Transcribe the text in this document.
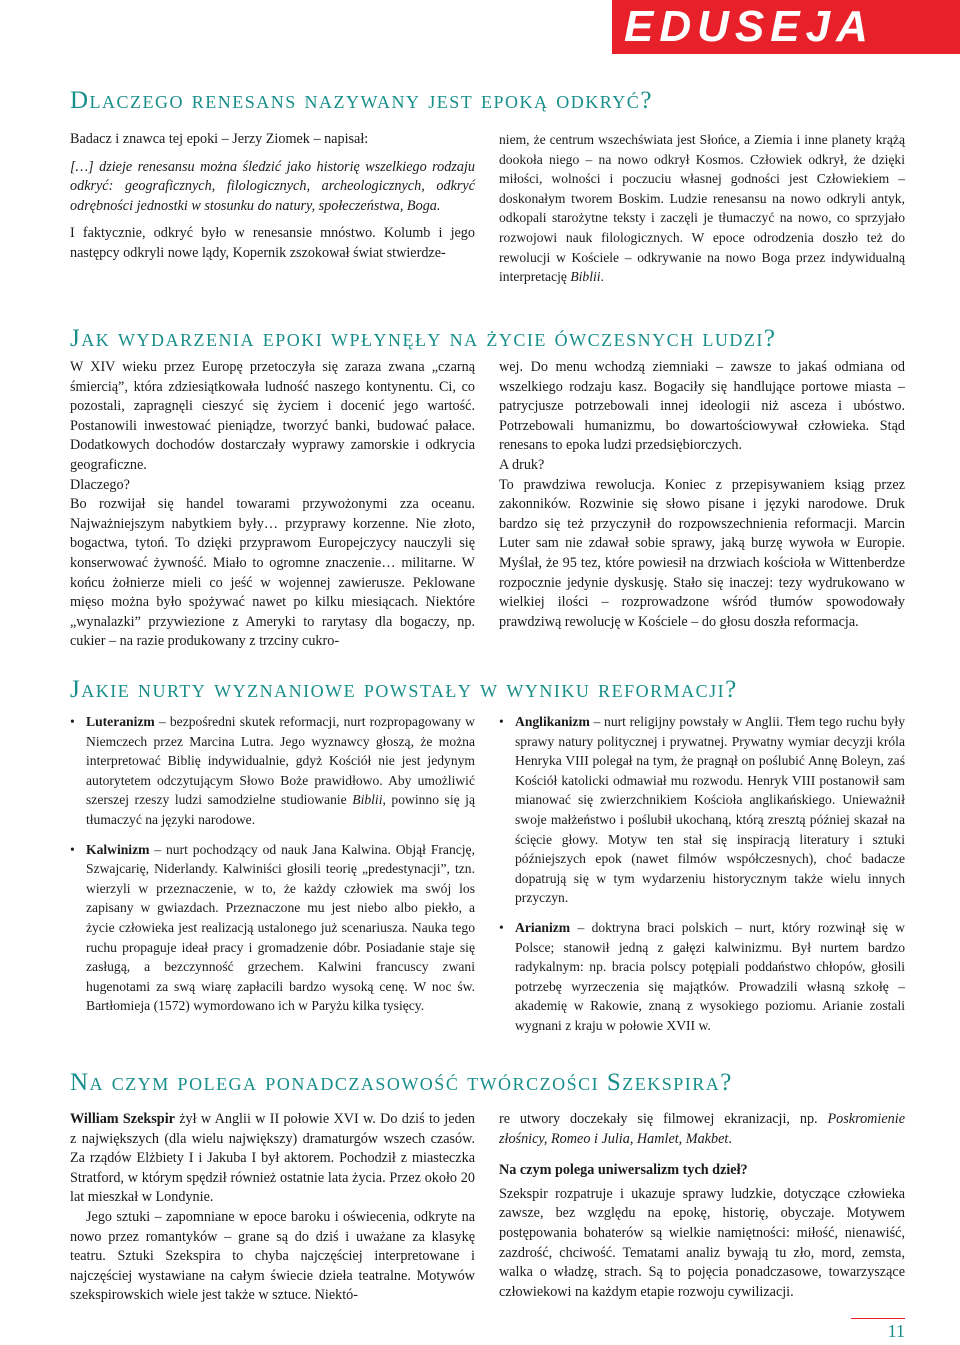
EDUSEJA
Dlaczego renesans nazywany jest epoką odkryć?

Badacz i znawca tej epoki – Jerzy Ziomek – napisał:

[…] dzieje renesansu można śledzić jako historię wszelkiego rodzaju odkryć: geograficznych, filologicznych, archeologicznych, odkryć odrębności jednostki w stosunku do natury, społeczeństwa, Boga.

I faktycznie, odkryć było w renesansie mnóstwo. Kolumb i jego następcy odkryli nowe lądy, Kopernik zszokował świat stwierdze-

niem, że centrum wszechświata jest Słońce, a Ziemia i inne planety krążą dookoła niego – na nowo odkrył Kosmos. Człowiek odkrył, że dzięki miłości, wolności i poczuciu własnej godności jest Człowiekiem – doskonałym tworem Boskim. Ludzie renesansu na nowo odkryli antyk, odkopali starożytne teksty i zaczęli je tłumaczyć na nowo, co sprzyjało rozwojowi nauk filologicznych. W epoce odrodzenia doszło też do rewolucji w Kościele – odkrywanie na nowo Boga przez indywidualną interpretację Biblii.

Jak wydarzenia epoki wpłynęły na życie ówczesnych ludzi?

W XIV wieku przez Europę przetoczyła się zaraza zwana „czarną śmiercią”, która zdziesiątkowała ludność naszego kontynentu. Ci, co pozostali, zapragnęli cieszyć się życiem i docenić jego wartość. Postanowili inwestować pieniądze, tworzyć banki, budować pałace. Dodatkowych dochodów dostarczały wyprawy zamorskie i odkrycia geograficzne.

Dlaczego?

Bo rozwijał się handel towarami przywożonymi zza oceanu. Najważniejszym nabytkiem były… przyprawy korzenne. Nie złoto, bogactwa, tytoń. To dzięki przyprawom Europejczycy nauczyli się konserwować żywność. Miało to ogromne znaczenie… militarne. W końcu żołnierze mieli co jeść w wojennej zawierusze. Peklowane mięso można było spożywać nawet po kilku miesiącach. Niektóre „wynalazki” przywiezione z Ameryki to rarytasy dla bogaczy, np. cukier – na razie produkowany z trzciny cukro-

wej. Do menu wchodzą ziemniaki – zawsze to jakaś odmiana od wszelkiego rodzaju kasz. Bogaciły się handlujące portowe miasta – patrycjusze potrzebowali innej ideologii niż asceza i ubóstwo. Potrzebowali humanizmu, bo dowartościowywał człowieka. Stąd renesans to epoka ludzi przedsiębiorczych.

A druk?

To prawdziwa rewolucja. Koniec z przepisywaniem ksiąg przez zakonników. Rozwinie się słowo pisane i języki narodowe. Druk bardzo się też przyczynił do rozpowszechnienia reformacji. Marcin Luter sam nie zdawał sobie sprawy, jaką burzę wywoła w Europie. Myślał, że 95 tez, które powiesił na drzwiach kościoła w Wittenberdze rozpocznie jedynie dyskusję. Stało się inaczej: tezy wydrukowano w wielkiej ilości – rozprowadzone wśród tłumów spowodowały prawdziwą rewolucję w Kościele – do głosu doszła reformacja.

Jakie nurty wyznaniowe powstały w wyniku reformacji?
• Luteranizm – bezpośredni skutek reformacji, nurt rozpropagowany w Niemczech przez Marcina Lutra. Jego wyznawcy głoszą, że można interpretować Biblię indywidualnie, gdyż Kościół nie jest jedynym autorytetem odczytującym Słowo Boże prawidłowo. Aby umożliwić szerszej rzeszy ludzi samodzielne studiowanie Biblii, powinno się ją tłumaczyć na języki narodowe.
• Kalwinizm – nurt pochodzący od nauk Jana Kalwina. Objął Francję, Szwajcarię, Niderlandy. Kalwiniści głosili teorię „predestynacji”, tzn. wierzyli w przeznaczenie, w to, że każdy człowiek ma swój los zapisany w gwiazdach. Przeznaczone mu jest niebo albo piekło, a życie człowieka jest realizacją ustalonego już scenariusza. Nauka tego ruchu propaguje ideał pracy i gromadzenie dóbr. Posiadanie staje się zasługą, a bezczynność grzechem. Kalwini francuscy zwani hugenotami za swą wiarę zapłacili bardzo wysoką cenę. W noc św. Bartłomieja (1572) wymordowano ich w Paryżu kilka tysięcy.
• Anglikanizm – nurt religijny powstały w Anglii. Tłem tego ruchu były sprawy natury politycznej i prywatnej. Prywatny wymiar decyzji króla Henryka VIII polegał na tym, że pragnął on poślubić Annę Boleyn, zaś Kościół katolicki odmawiał mu rozwodu. Henryk VIII postanowił sam mianować się zwierzchnikiem Kościoła anglikańskiego. Unieważnił swoje małżeństwo i poślubił ukochaną, którą zresztą później skazał na ścięcie głowy. Motyw ten stał się inspiracją literatury i sztuki późniejszych epok (nawet filmów współczesnych), choć badacze dopatrują się w tym wydarzeniu historycznym także wielu innych przyczyn.
• Arianizm – doktryna braci polskich – nurt, który rozwinął się w Polsce; stanowił jedną z gałęzi kalwinizmu. Był nurtem bardzo radykalnym: np. bracia polscy potępiali poddaństwo chłopów, głosili potrzebę wyrzeczenia się majątków. Prowadzili własną szkołę – akademię w Rakowie, znaną z wysokiego poziomu. Arianie zostali wygnani z kraju w połowie XVII w.
Na czym polega ponadczasowość twórczości Szekspira?

William Szekspir żył w Anglii w II połowie XVI w. Do dziś to jeden z największych (dla wielu największy) dramaturgów wszech czasów. Za rządów Elżbiety I i Jakuba I był aktorem. Pochodził z miasteczka Stratford, w którym spędził również ostatnie lata życia. Przez około 20 lat mieszkał w Londynie.

Jego sztuki – zapomniane w epoce baroku i oświecenia, odkryte na nowo przez romantyków – grane są do dziś i uważane za klasykę teatru. Sztuki Szekspira to chyba najczęściej interpretowane i najczęściej wystawiane na całym świecie dzieła teatralne. Motywów szekspirowskich wiele jest także w sztuce. Niektó-

re utwory doczekały się filmowej ekranizacji, np. Poskromienie złośnicy, Romeo i Julia, Hamlet, Makbet.

Na czym polega uniwersalizm tych dzieł?

Szekspir rozpatruje i ukazuje sprawy ludzkie, dotyczące człowieka zawsze, bez względu na epokę, historię, obyczaje. Motywem postępowania bohaterów są wielkie namiętności: miłość, nienawiść, zazdrość, chciwość. Tematami analiz bywają tu zło, mord, zemsta, walka o władzę, strach. Są to pojęcia ponadczasowe, towarzyszące człowiekowi na każdym etapie rozwoju cywilizacji.

11
